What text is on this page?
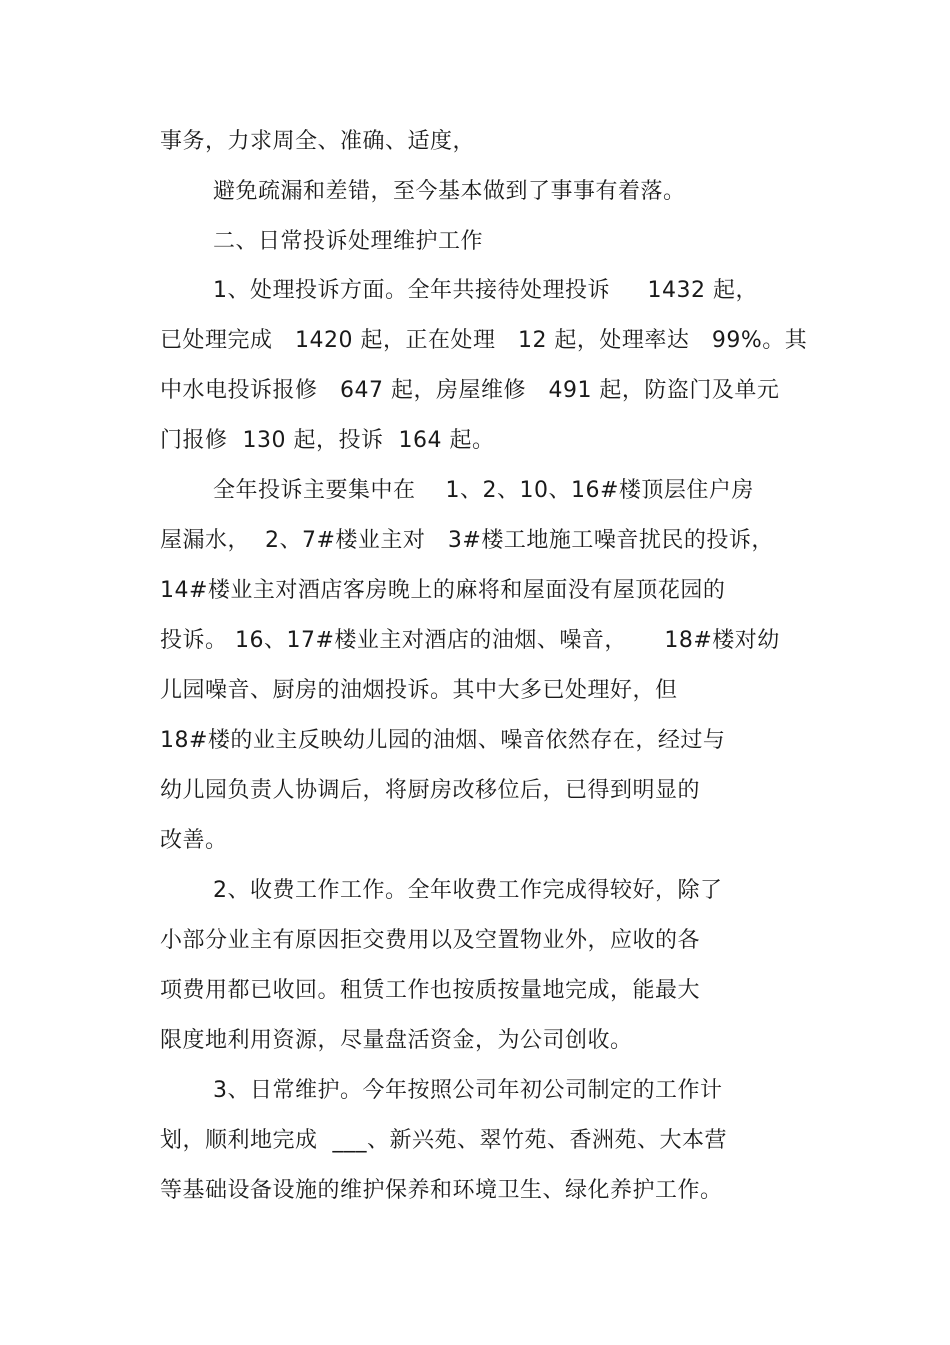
事务，力求周全、准确、适度，
避免疏漏和差错，至今基本做到了事事有着落。
二、日常投诉处理维护工作
1、处理投诉方面。全年共接待处理投诉     1432 起，
已处理完成   1420 起，正在处理   12 起，处理率达   99%。其
中水电投诉报修   647 起，房屋维修   491 起，防盗门及单元
门报修  130 起，投诉  164 起。
全年投诉主要集中在    1、2、10、16#楼顶层住户房
屋漏水，  2、7#楼业主对   3#楼工地施工噪音扰民的投诉，
14#楼业主对酒店客房晚上的麻将和屋面没有屋顶花园的
投诉。 16、17#楼业主对酒店的油烟、噪音，     18#楼对幼
儿园噪音、厨房的油烟投诉。其中大多已处理好，但
18#楼的业主反映幼儿园的油烟、噪音依然存在，经过与
幼儿园负责人协调后，将厨房改移位后，已得到明显的
改善。
2、收费工作工作。全年收费工作完成得较好，除了
小部分业主有原因拒交费用以及空置物业外，应收的各
项费用都已收回。租赁工作也按质按量地完成，能最大
限度地利用资源，尽量盘活资金，为公司创收。
3、日常维护。今年按照公司年初公司制定的工作计
划，顺利地完成  ___、新兴苑、翠竹苑、香洲苑、大本营
等基础设备设施的维护保养和环境卫生、绿化养护工作。
